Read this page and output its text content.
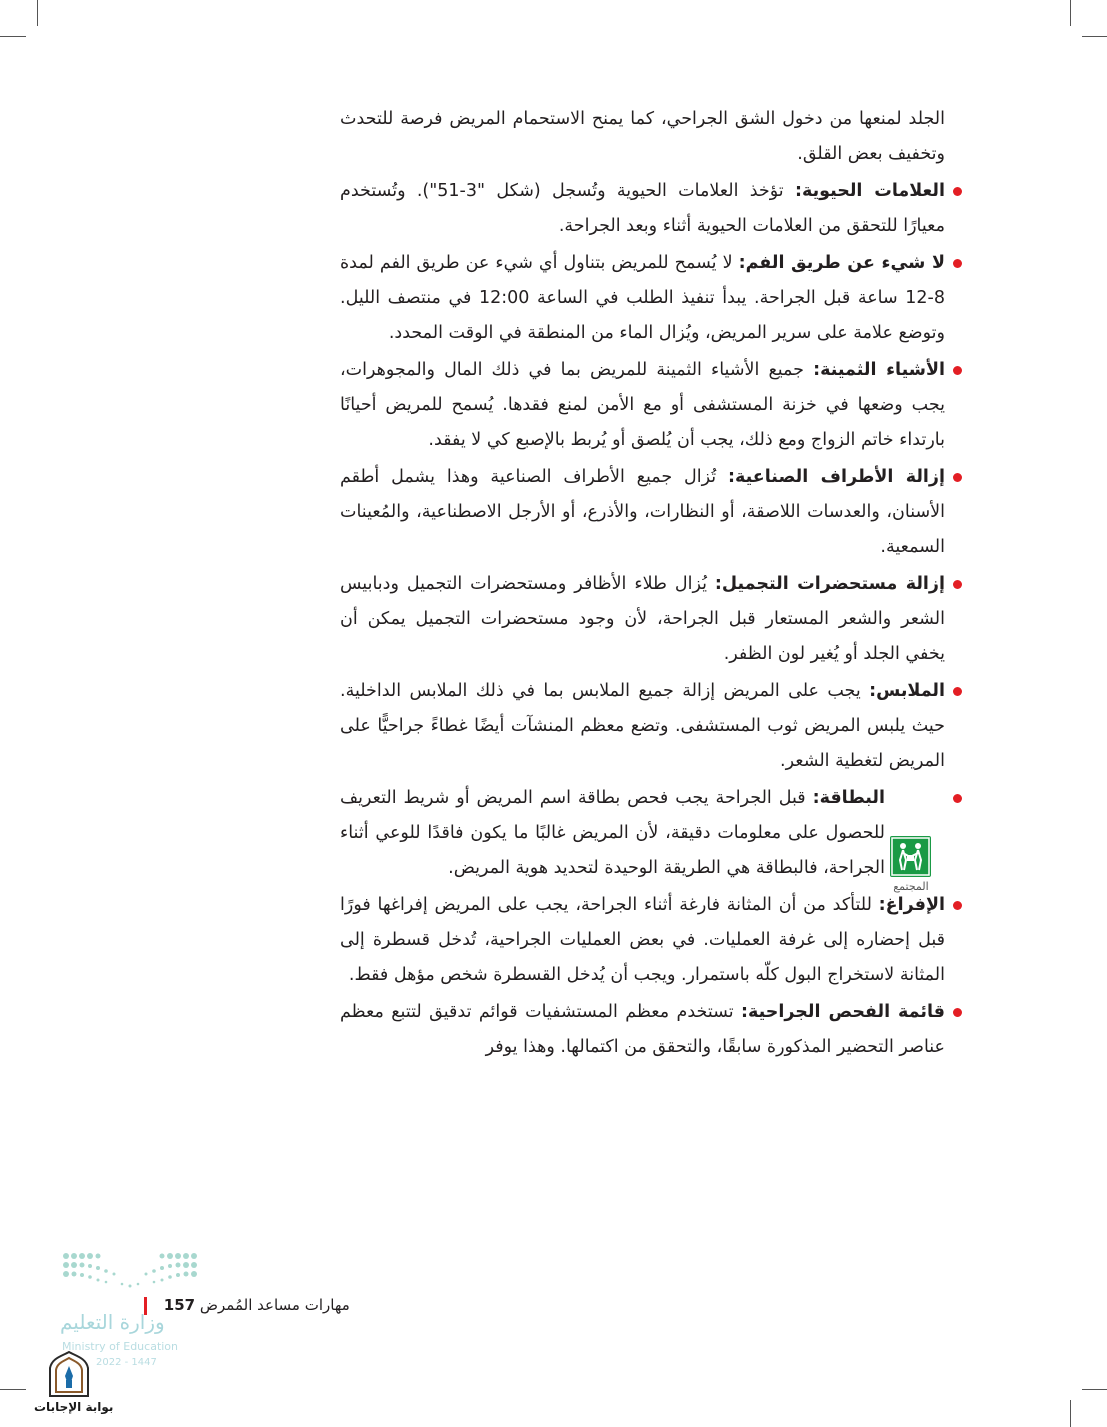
الجلد لمنعها من دخول الشق الجراحي، كما يمنح الاستحمام المريض فرصة للتحدث وتخفيف بعض القلق.

العلامات الحيوية: تؤخذ العلامات الحيوية وتُسجل (شكل "3-51"). وتُستخدم معيارًا للتحقق من العلامات الحيوية أثناء وبعد الجراحة.

لا شيء عن طريق الفم: لا يُسمح للمريض بتناول أي شيء عن طريق الفم لمدة 8-12 ساعة قبل الجراحة. يبدأ تنفيذ الطلب في الساعة 12:00 في منتصف الليل. وتوضع علامة على سرير المريض، ويُزال الماء من المنطقة في الوقت المحدد.

الأشياء الثمينة: جميع الأشياء الثمينة للمريض بما في ذلك المال والمجوهرات، يجب وضعها في خزنة المستشفى أو مع الأمن لمنع فقدها. يُسمح للمريض أحيانًا بارتداء خاتم الزواج ومع ذلك، يجب أن يُلصق أو يُربط بالإصبع كي لا يفقد.

إزالة الأطراف الصناعية: تُزال جميع الأطراف الصناعية وهذا يشمل أطقم الأسنان، والعدسات اللاصقة، أو النظارات، والأذرع، أو الأرجل الاصطناعية، والمُعينات السمعية.

إزالة مستحضرات التجميل: يُزال طلاء الأظافر ومستحضرات التجميل ودبابيس الشعر والشعر المستعار قبل الجراحة، لأن وجود مستحضرات التجميل يمكن أن يخفي الجلد أو يُغير لون الظفر.

الملابس: يجب على المريض إزالة جميع الملابس بما في ذلك الملابس الداخلية. حيث يلبس المريض ثوب المستشفى. وتضع معظم المنشآت أيضًا غطاءً جراحيًّا على المريض لتغطية الشعر.

البطاقة: قبل الجراحة يجب فحص بطاقة اسم المريض أو شريط التعريف للحصول على معلومات دقيقة، لأن المريض غالبًا ما يكون فاقدًا للوعي أثناء الجراحة، فالبطاقة هي الطريقة الوحيدة لتحديد هوية المريض.

الإفراغ: للتأكد من أن المثانة فارغة أثناء الجراحة، يجب على المريض إفراغها فورًا قبل إحضاره إلى غرفة العمليات. في بعض العمليات الجراحية، تُدخل قسطرة إلى المثانة لاستخراج البول كلّه باستمرار. ويجب أن يُدخل القسطرة شخص مؤهل فقط.

قائمة الفحص الجراحية: تستخدم معظم المستشفيات قوائم تدقيق لتتبع معظم عناصر التحضير المذكورة سابقًا، والتحقق من اكتمالها. وهذا يوفر

المجتمع
مهارات مساعد المُمرض 157
وزارة التعليم
Ministry of Education
2022 - 1447
بوابة الإجابات
